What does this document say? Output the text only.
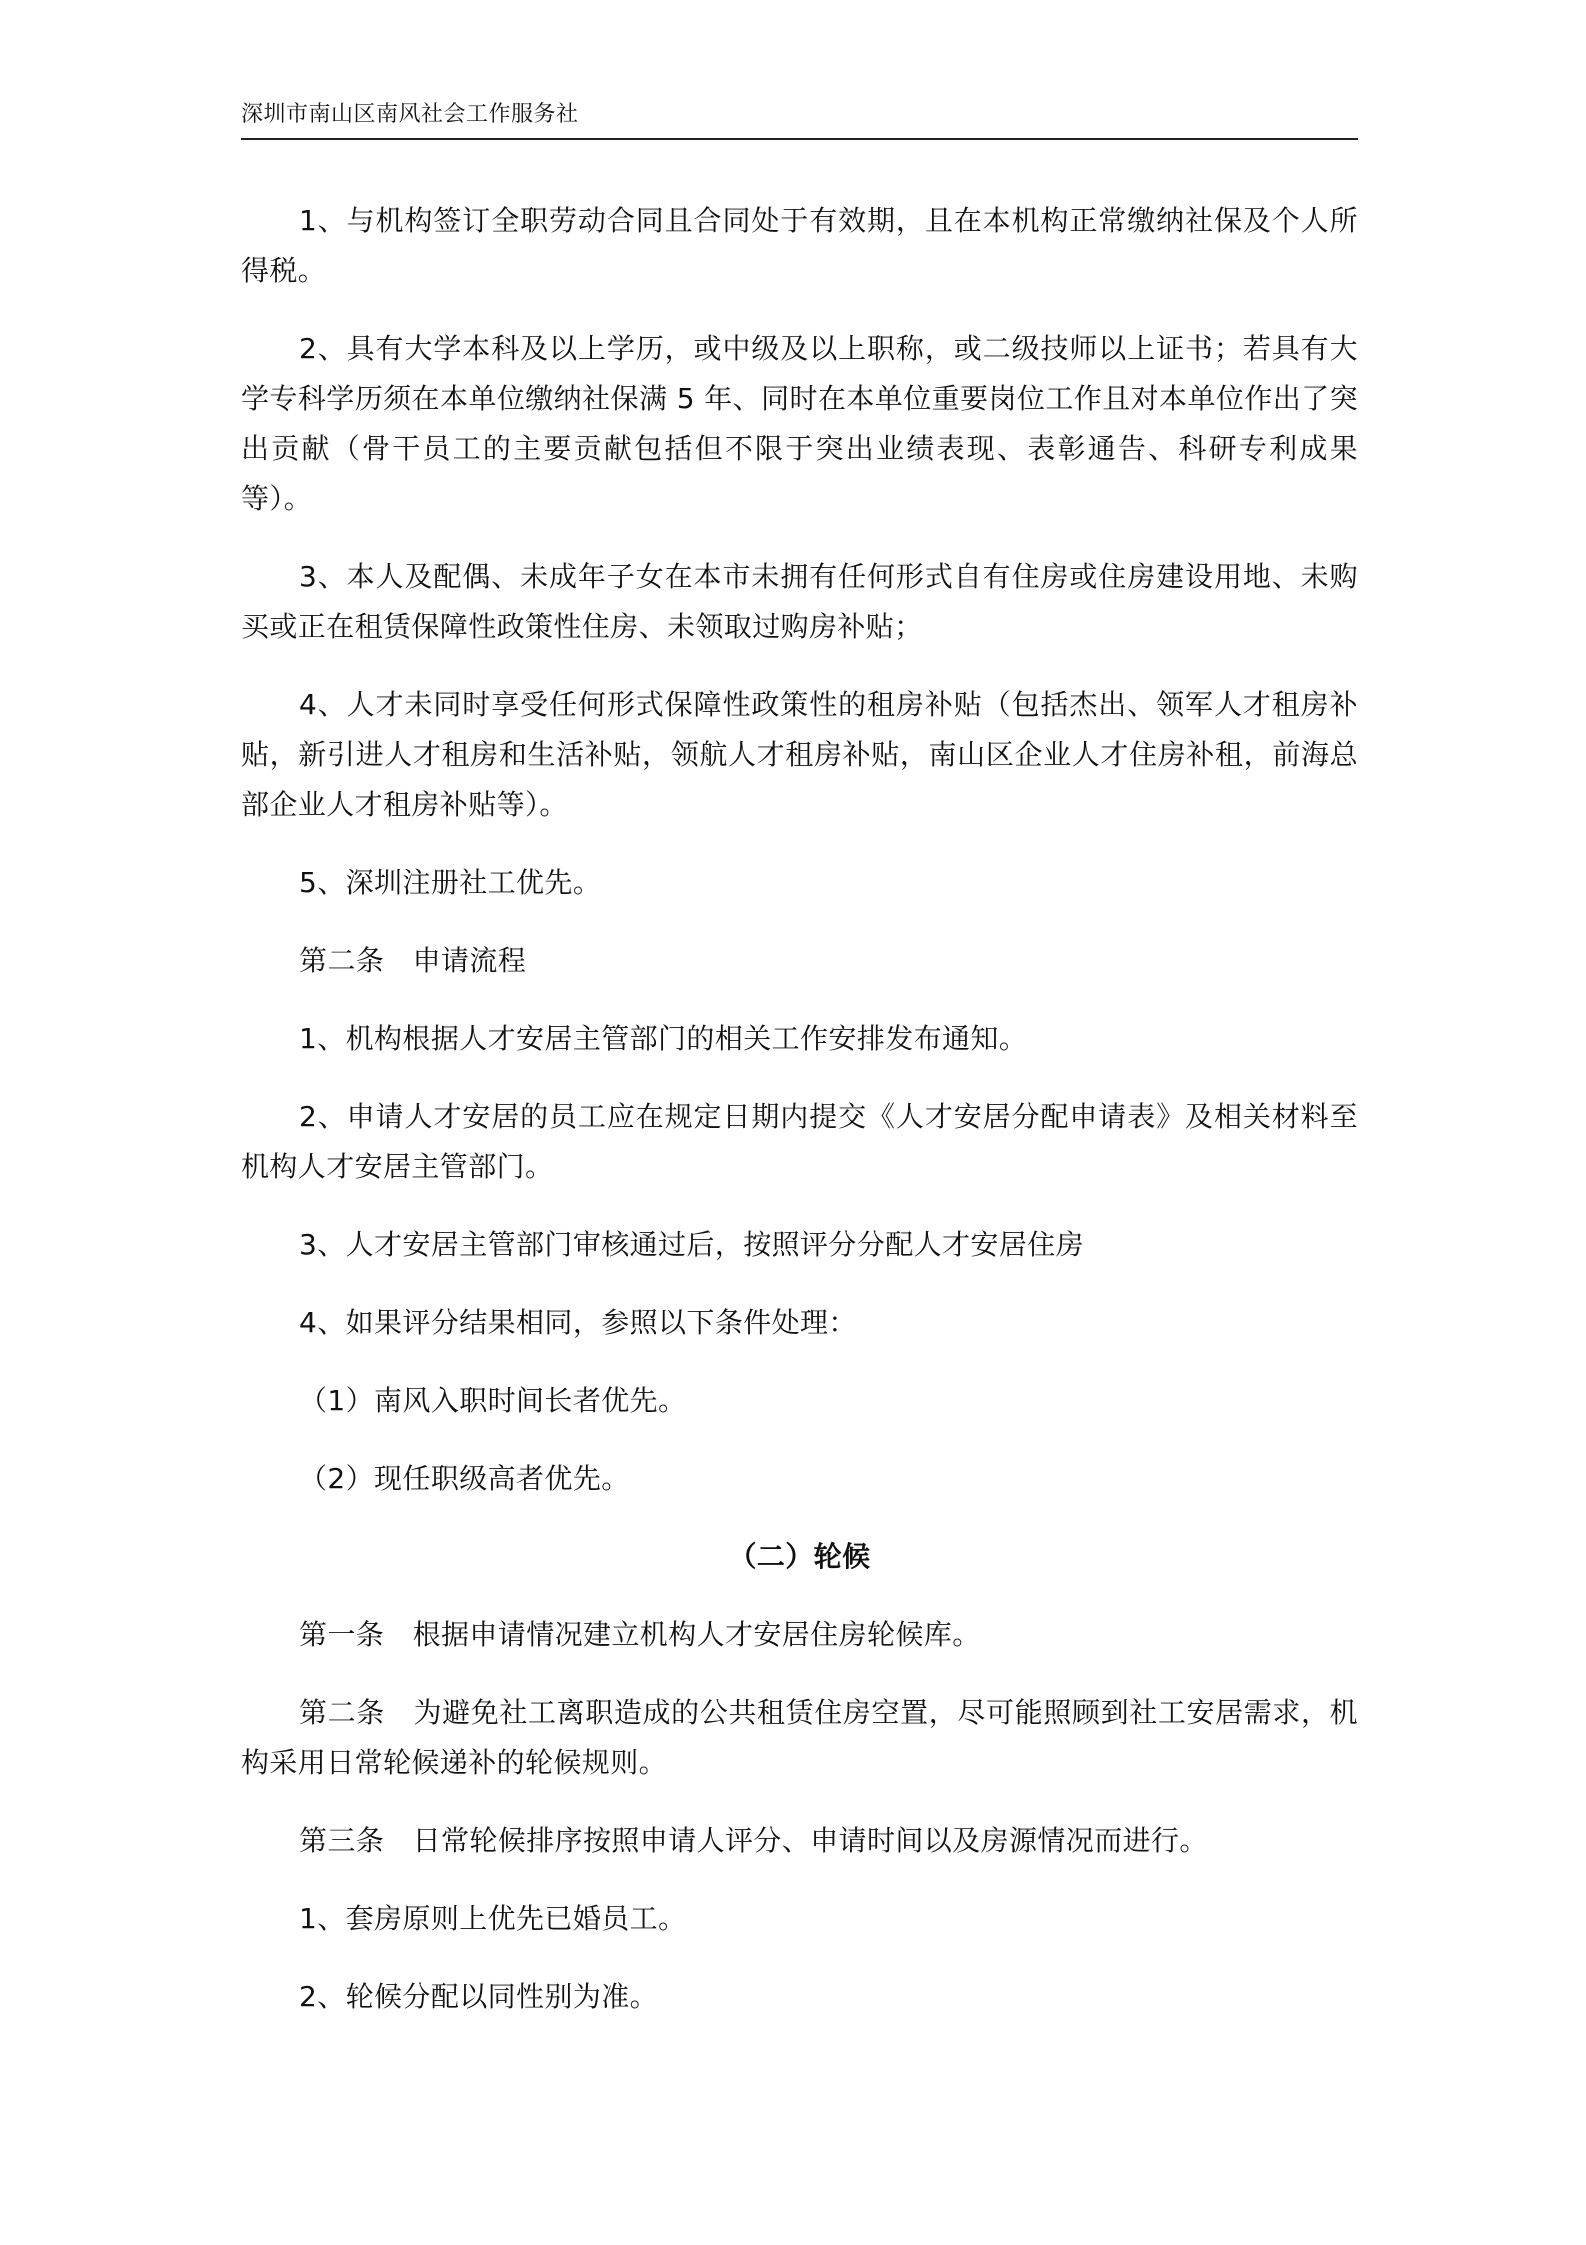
深圳市南山区南风社会工作服务社

1、与机构签订全职劳动合同且合同处于有效期，且在本机构正常缴纳社保及个人所得税。

2、具有大学本科及以上学历，或中级及以上职称，或二级技师以上证书；若具有大学专科学历须在本单位缴纳社保满 5 年、同时在本单位重要岗位工作且对本单位作出了突出贡献（骨干员工的主要贡献包括但不限于突出业绩表现、表彰通告、科研专利成果等）。

3、本人及配偶、未成年子女在本市未拥有任何形式自有住房或住房建设用地、未购买或正在租赁保障性政策性住房、未领取过购房补贴；

4、人才未同时享受任何形式保障性政策性的租房补贴（包括杰出、领军人才租房补贴，新引进人才租房和生活补贴，领航人才租房补贴，南山区企业人才住房补租，前海总部企业人才租房补贴等）。

5、深圳注册社工优先。

第二条　申请流程

1、机构根据人才安居主管部门的相关工作安排发布通知。

2、申请人才安居的员工应在规定日期内提交《人才安居分配申请表》及相关材料至机构人才安居主管部门。

3、人才安居主管部门审核通过后，按照评分分配人才安居住房

4、如果评分结果相同，参照以下条件处理：

（1）南风入职时间长者优先。

（2）现任职级高者优先。

（二）轮候

第一条　根据申请情况建立机构人才安居住房轮候库。

第二条　为避免社工离职造成的公共租赁住房空置，尽可能照顾到社工安居需求，机构采用日常轮候递补的轮候规则。

第三条　日常轮候排序按照申请人评分、申请时间以及房源情况而进行。

1、套房原则上优先已婚员工。

2、轮候分配以同性别为准。
